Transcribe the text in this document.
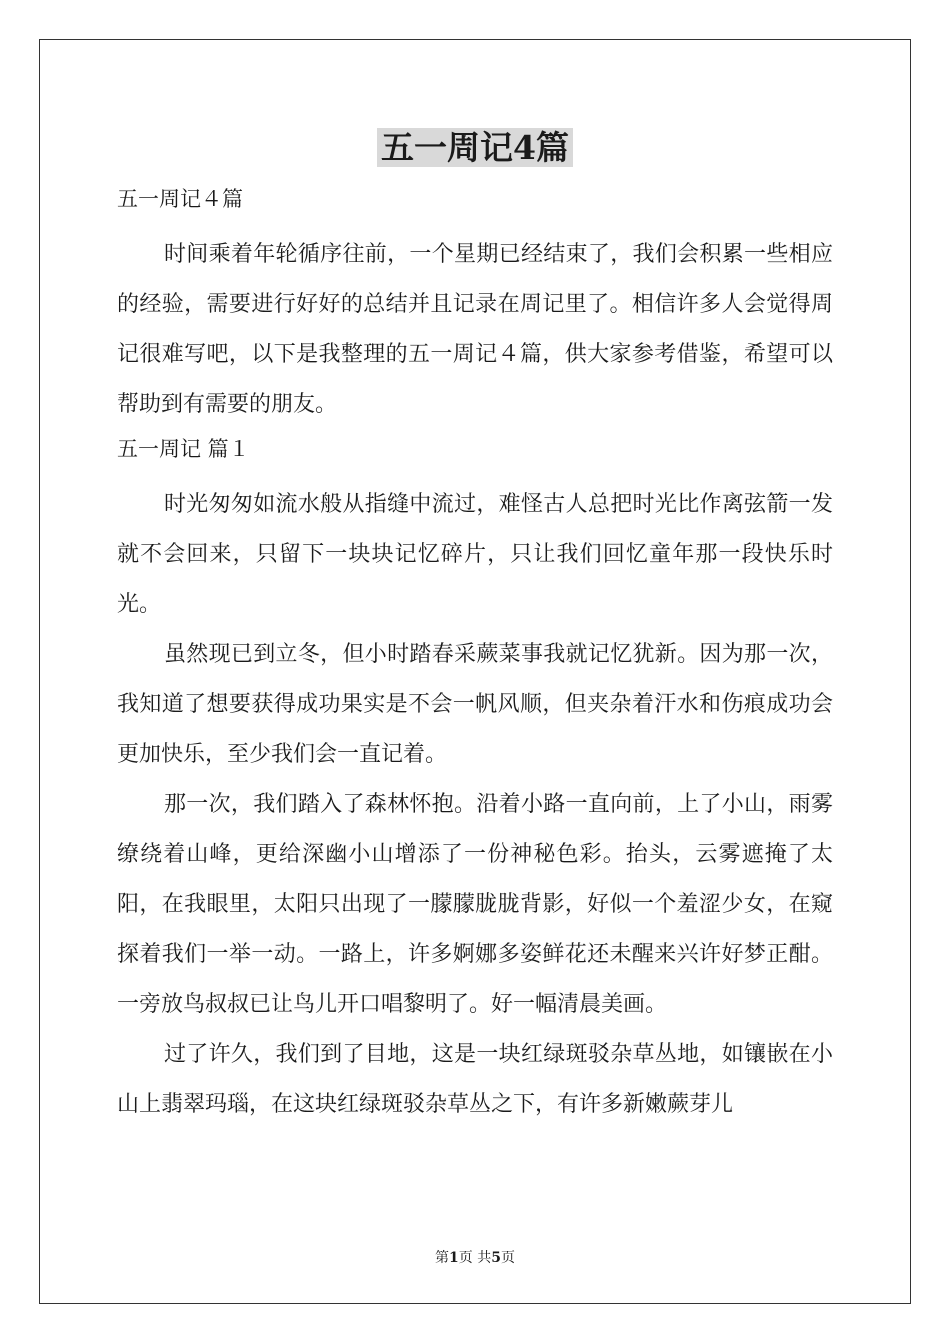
五一周记4篇
五一周记４篇

时间乘着年轮循序往前，一个星期已经结束了，我们会积累一些相应的经验，需要进行好好的总结并且记录在周记里了。相信许多人会觉得周记很难写吧，以下是我整理的五一周记４篇，供大家参考借鉴，希望可以帮助到有需要的朋友。

五一周记 篇１

时光匆匆如流水般从指缝中流过，难怪古人总把时光比作离弦箭一发就不会回来，只留下一块块记忆碎片，只让我们回忆童年那一段快乐时光。

虽然现已到立冬，但小时踏春采蕨菜事我就记忆犹新。因为那一次，我知道了想要获得成功果实是不会一帆风顺，但夹杂着汗水和伤痕成功会更加快乐，至少我们会一直记着。

那一次，我们踏入了森林怀抱。沿着小路一直向前，上了小山，雨雾缭绕着山峰，更给深幽小山增添了一份神秘色彩。抬头，云雾遮掩了太阳，在我眼里，太阳只出现了一朦朦胧胧背影，好似一个羞涩少女，在窥探着我们一举一动。一路上，许多婀娜多姿鲜花还未醒来兴许好梦正酣。一旁放鸟叔叔已让鸟儿开口唱黎明了。好一幅清晨美画。

过了许久，我们到了目地，这是一块红绿斑驳杂草丛地，如镶嵌在小山上翡翠玛瑙，在这块红绿斑驳杂草丛之下，有许多新嫩蕨芽儿

第1页 共5页
